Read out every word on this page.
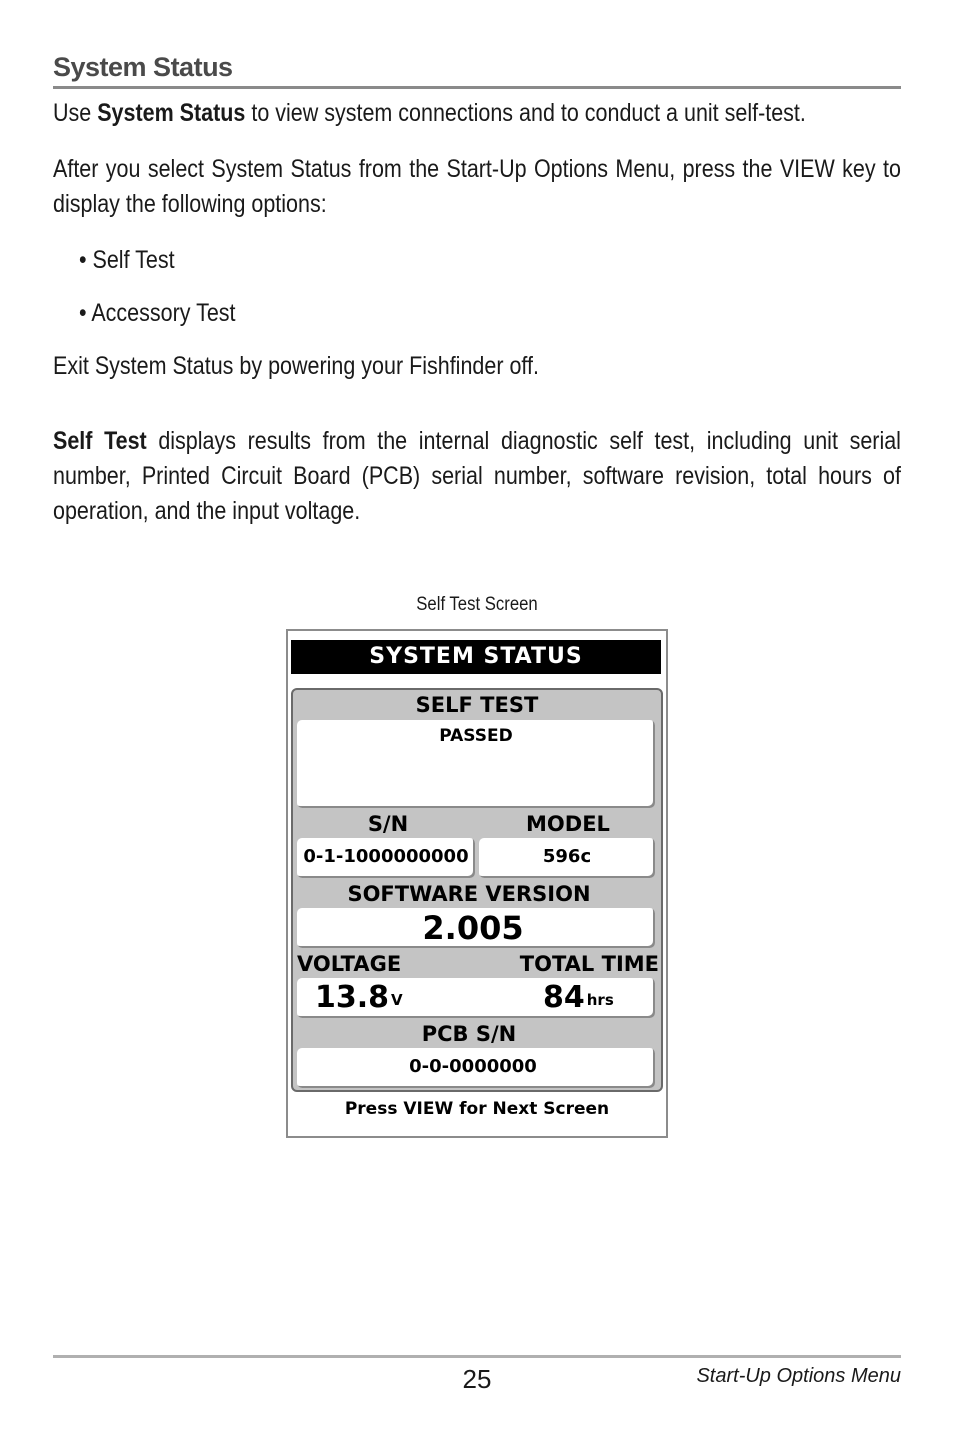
System Status
Use System Status to view system connections and to conduct a unit self-test.
After you select System Status from the Start-Up Options Menu, press the VIEW key to display the following options:
• Self Test
• Accessory Test
Exit System Status by powering your Fishfinder off.
Self Test displays results from the internal diagnostic self test, including unit serial number, Printed Circuit Board (PCB) serial number, software revision, total hours of operation, and the input voltage.
Self Test Screen
SYSTEM STATUS
SELF TEST
PASSED
S/N	MODEL
0-1-1000000000	596c
SOFTWARE VERSION
2.005
VOLTAGE	TOTAL TIME
13.8 $^V$	84 $^{hrs}$
PCB S/N
0-0-0000000
Press VIEW for Next Screen
25	Start-Up Options Menu
